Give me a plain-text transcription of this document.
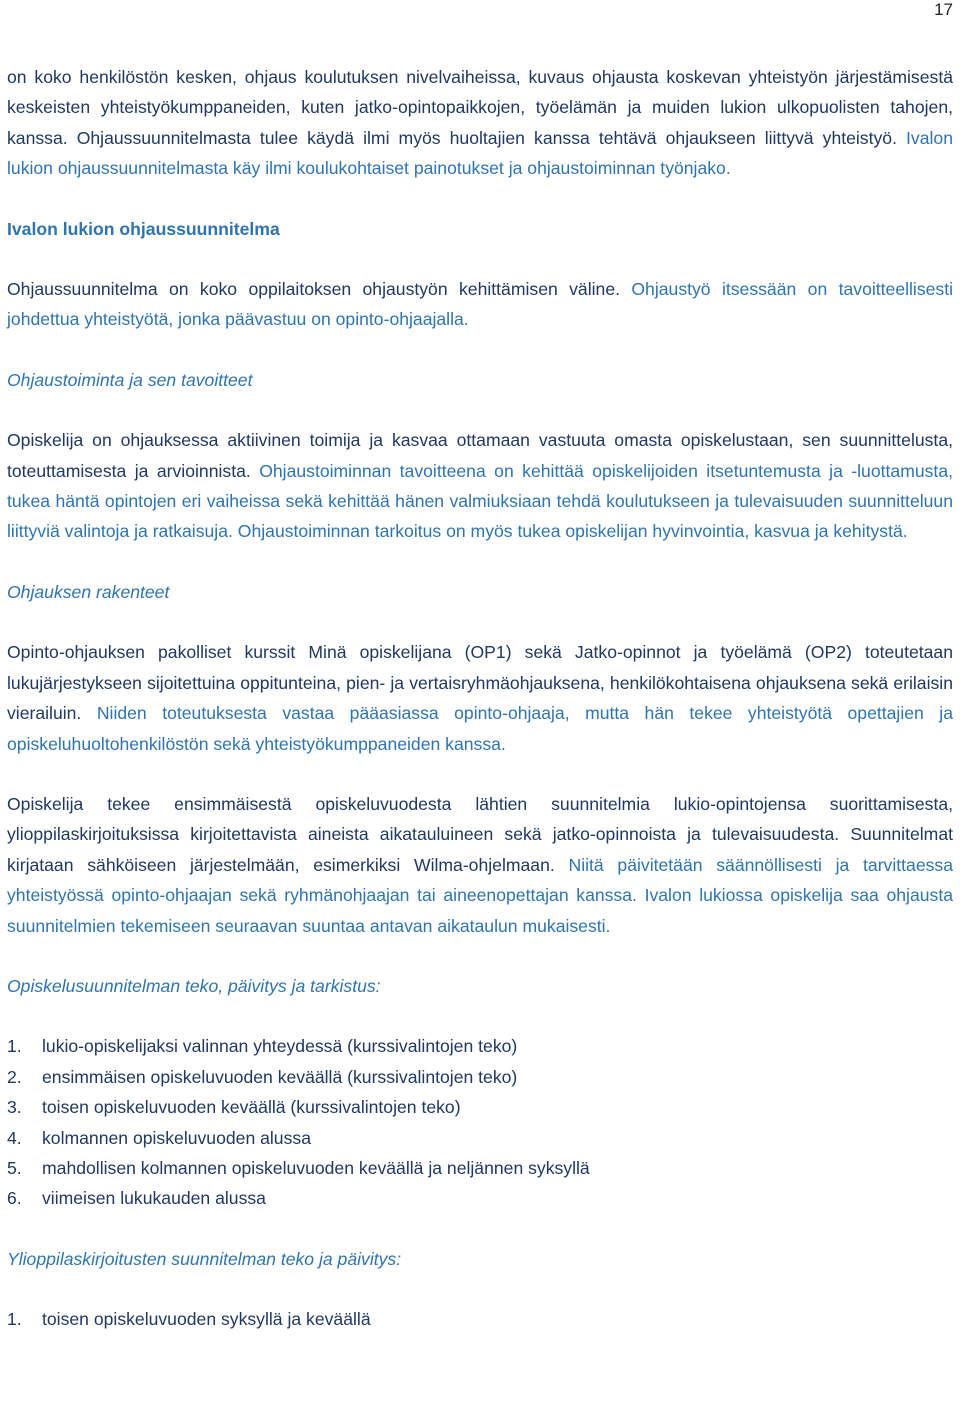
17

on koko henkilöstön kesken, ohjaus koulutuksen nivelvaiheissa, kuvaus ohjausta koskevan yhteistyön järjestämisestä keskeisten yhteistyökumppaneiden, kuten jatko-opintopaikkojen, työelämän ja muiden lukion ulkopuolisten tahojen, kanssa. Ohjaussuunnitelmasta tulee käydä ilmi myös huoltajien kanssa tehtävä ohjaukseen liittyvä yhteistyö. Ivalon lukion ohjaussuunnitelmasta käy ilmi koulukohtaiset painotukset ja ohjaustoiminnan työnjako.

Ivalon lukion ohjaussuunnitelma

Ohjaussuunnitelma on koko oppilaitoksen ohjaustyön kehittämisen väline. Ohjaustyö itsessään on tavoitteellisesti johdettua yhteistyötä, jonka päävastuu on opinto-ohjaajalla.

Ohjaustoiminta ja sen tavoitteet

Opiskelija on ohjauksessa aktiivinen toimija ja kasvaa ottamaan vastuuta omasta opiskelustaan, sen suunnittelusta, toteuttamisesta ja arvioinnista. Ohjaustoiminnan tavoitteena on kehittää opiskelijoiden itsetuntemusta ja -luottamusta, tukea häntä opintojen eri vaiheissa sekä kehittää hänen valmiuksiaan tehdä koulutukseen ja tulevaisuuden suunnitteluun liittyviä valintoja ja ratkaisuja. Ohjaustoiminnan tarkoitus on myös tukea opiskelijan hyvinvointia, kasvua ja kehitystä.

Ohjauksen rakenteet

Opinto-ohjauksen pakolliset kurssit Minä opiskelijana (OP1) sekä Jatko-opinnot ja työelämä (OP2) toteutetaan lukujärjestykseen sijoitettuina oppitunteina, pien- ja vertaisryhmäohjauksena, henkilökohtaisena ohjauksena sekä erilaisin vierailuin. Niiden toteutuksesta vastaa pääasiassa opinto-ohjaaja, mutta hän tekee yhteistyötä opettajien ja opiskeluhuoltohenkilöstön sekä yhteistyökumppaneiden kanssa.

Opiskelija tekee ensimmäisestä opiskeluvuodesta lähtien suunnitelmia lukio-opintojensa suorittamisesta, ylioppilaskirjoituksissa kirjoitettavista aineista aikatauluineen sekä jatko-opinnoista ja tulevaisuudesta. Suunnitelmat kirjataan sähköiseen järjestelmään, esimerkiksi Wilma-ohjelmaan. Niitä päivitetään säännöllisesti ja tarvittaessa yhteistyössä opinto-ohjaajan sekä ryhmänohjaajan tai aineenopettajan kanssa. Ivalon lukiossa opiskelija saa ohjausta suunnitelmien tekemiseen seuraavan suuntaa antavan aikataulun mukaisesti.

Opiskelusuunnitelman teko, päivitys ja tarkistus:
1.	lukio-opiskelijaksi valinnan yhteydessä (kurssivalintojen teko)
2.	ensimmäisen opiskeluvuoden keväällä (kurssivalintojen teko)
3.	toisen opiskeluvuoden keväällä (kurssivalintojen teko)
4.	kolmannen opiskeluvuoden alussa
5.	mahdollisen kolmannen opiskeluvuoden keväällä ja neljännen syksyllä
6.	viimeisen lukukauden alussa
Ylioppilaskirjoitusten suunnitelman teko ja päivitys:
1.	toisen opiskeluvuoden syksyllä ja keväällä
